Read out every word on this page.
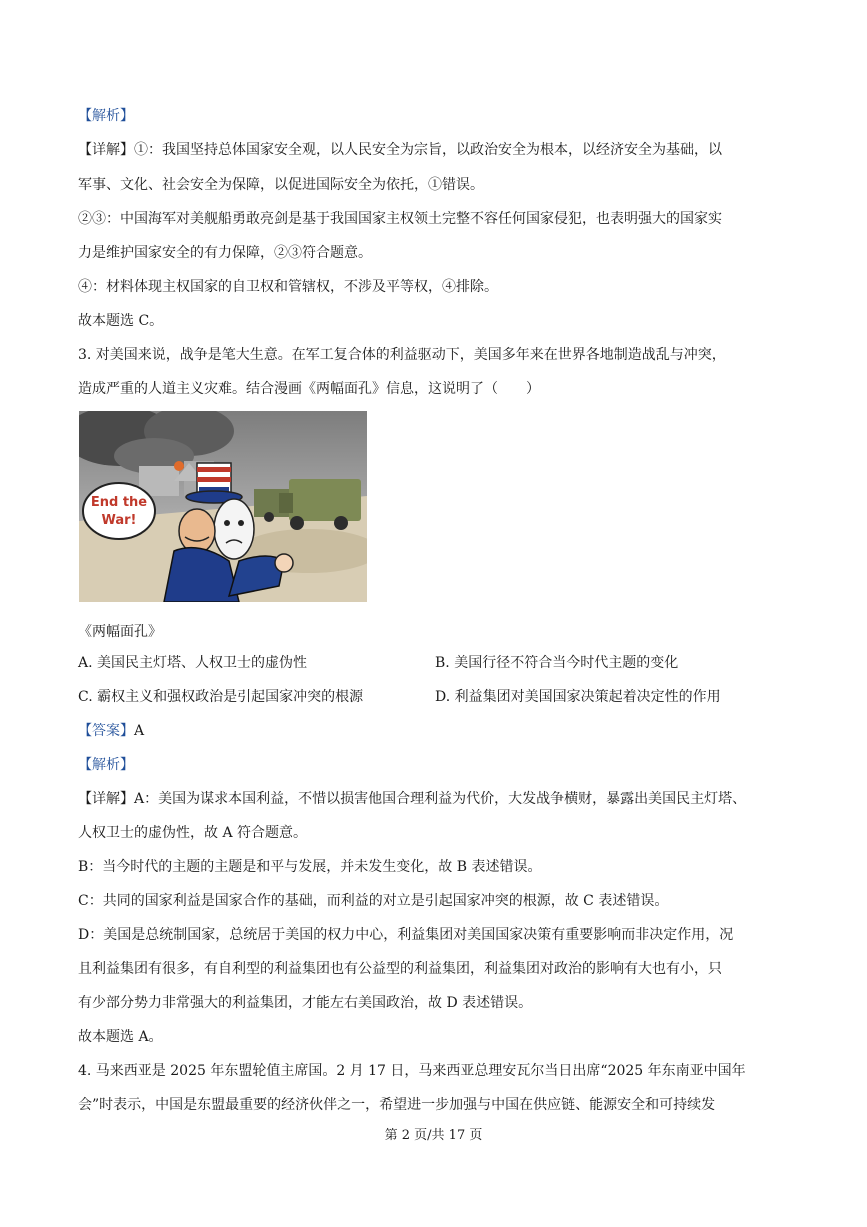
【解析】
【详解】①：我国坚持总体国家安全观，以人民安全为宗旨，以政治安全为根本，以经济安全为基础，以
军事、文化、社会安全为保障，以促进国际安全为依托，①错误。
②③：中国海军对美舰船勇敢亮剑是基于我国国家主权领土完整不容任何国家侵犯，也表明强大的国家实
力是维护国家安全的有力保障，②③符合题意。
④：材料体现主权国家的自卫权和管辖权，不涉及平等权，④排除。
故本题选 C。
3. 对美国来说，战争是笔大生意。在军工复合体的利益驱动下，美国多年来在世界各地制造战乱与冲突，
造成严重的人道主义灾难。结合漫画《两幅面孔》信息，这说明了（　　）
End the
War!
《两幅面孔》
A. 美国民主灯塔、人权卫士的虚伪性	B. 美国行径不符合当今时代主题的变化
C. 霸权主义和强权政治是引起国家冲突的根源	D. 利益集团对美国国家决策起着决定性的作用
【答案】A
【解析】
【详解】A：美国为谋求本国利益，不惜以损害他国合理利益为代价，大发战争横财，暴露出美国民主灯塔、
人权卫士的虚伪性，故 A 符合题意。
B：当今时代的主题的主题是和平与发展，并未发生变化，故 B 表述错误。
C：共同的国家利益是国家合作的基础，而利益的对立是引起国家冲突的根源，故 C 表述错误。
D：美国是总统制国家，总统居于美国的权力中心，利益集团对美国国家决策有重要影响而非决定作用，况
且利益集团有很多，有自利型的利益集团也有公益型的利益集团，利益集团对政治的影响有大也有小，只
有少部分势力非常强大的利益集团，才能左右美国政治，故 D 表述错误。
故本题选 A。
4. 马来西亚是 2025 年东盟轮值主席国。2 月 17 日，马来西亚总理安瓦尔当日出席“2025 年东南亚中国年
会”时表示，中国是东盟最重要的经济伙伴之一，希望进一步加强与中国在供应链、能源安全和可持续发
第 2 页/共 17 页
